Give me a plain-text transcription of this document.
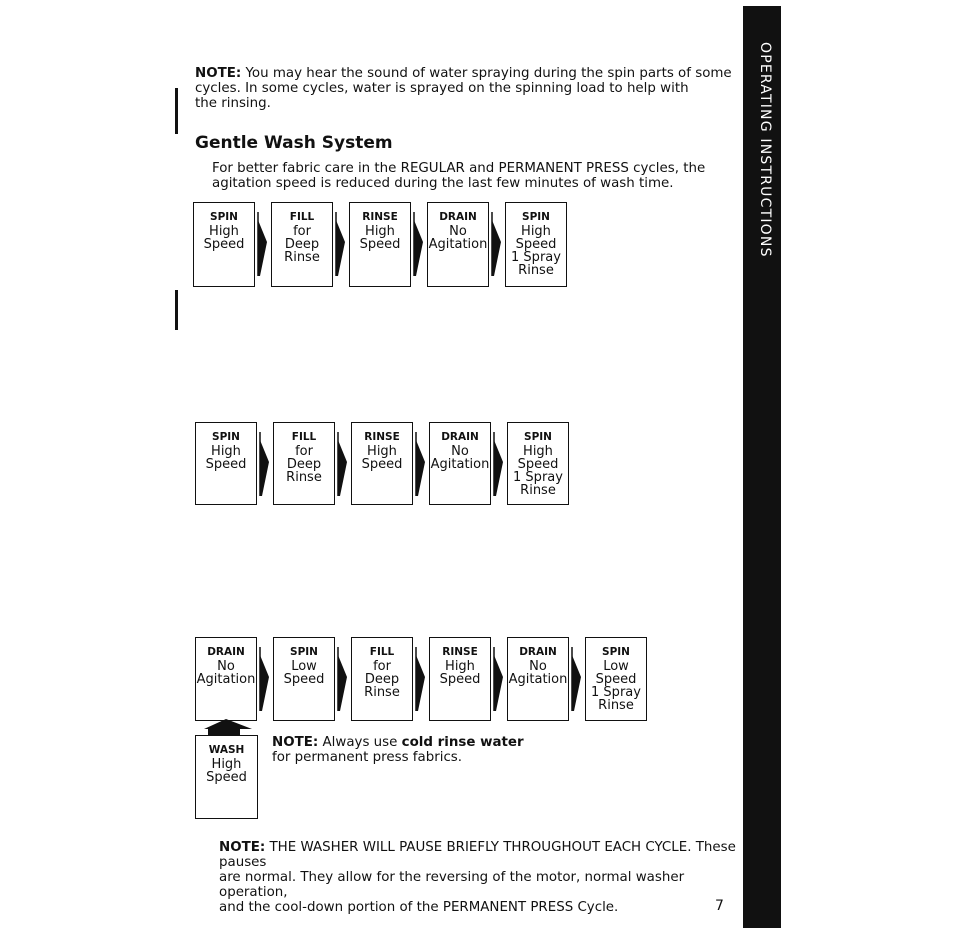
OPERATING INSTRUCTIONS
NOTE: You may hear the sound of water spraying during the spin parts of some
cycles. In some cycles, water is sprayed on the spinning load to help with
the rinsing.
Gentle Wash System
For better fabric care in the REGULAR and PERMANENT PRESS cycles, the
agitation speed is reduced during the last few minutes of wash time.
SPIN
High
Speed
FILL
for
Deep
Rinse
RINSE
High
Speed
DRAIN
No
Agitation
SPIN
High
Speed
1 Spray
Rinse
SPIN
High
Speed
FILL
for
Deep
Rinse
RINSE
High
Speed
DRAIN
No
Agitation
SPIN
High
Speed
1 Spray
Rinse
DRAIN
No
Agitation
SPIN
Low
Speed
FILL
for
Deep
Rinse
RINSE
High
Speed
DRAIN
No
Agitation
SPIN
Low
Speed
1 Spray
Rinse
WASH
High
Speed
NOTE: Always use cold rinse water
for permanent press fabrics.
NOTE: THE WASHER WILL PAUSE BRIEFLY THROUGHOUT EACH CYCLE. These pauses
are normal. They allow for the reversing of the motor, normal washer operation,
and the cool-down portion of the PERMANENT PRESS Cycle.	7
